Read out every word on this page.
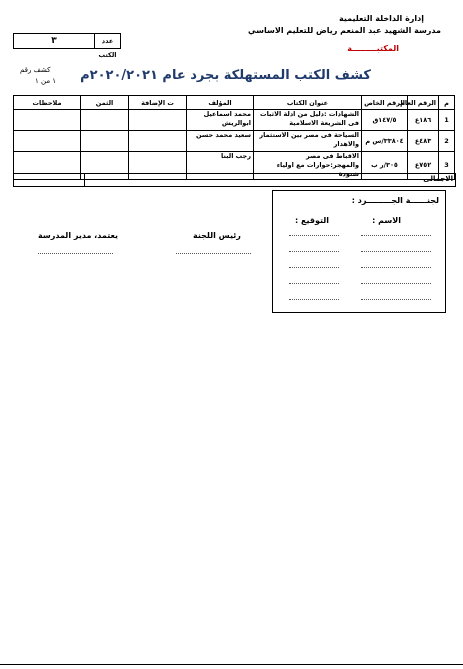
إدارة الداخلة التعليمية
مدرسة الشهيد عبد المنعم رياض للتعليم الاساسي
المكتبـــــــــة
٣	عدد الكتب
كشف رقم
١ من ١ كشف الكتب المستهلكة بجرد عام ٢٠٢٠/٢٠٢١م
م	الرقم العام	الرقم الخاص	عنوان الكتاب	المؤلف	ت الإضافة	الثمن	ملاحظات
1	١٨٦ع	١٤٧/٥ق	الشهادات :دليل من ادلة الاثبات فى الشريعة الاسلامية	محمد اسماعيل ابوالريش			
2	٤٨٣ع	٣٣٨٠٤/س م	السياحة فى مصر بين الاستثمار والاهدار	سعيد محمد حسن			
3	٧٥٢ع	٣٠٥/ر ب	الاقباط فى مصر والمهجر:حوارات مع اولياء شنودة	رجب البنا			
الاجمالى
لجنــــــة الجـــــــــرد :
الاسم :
التوقيع :
رئيس اللجنة
يعتمد، مدير المدرسة
